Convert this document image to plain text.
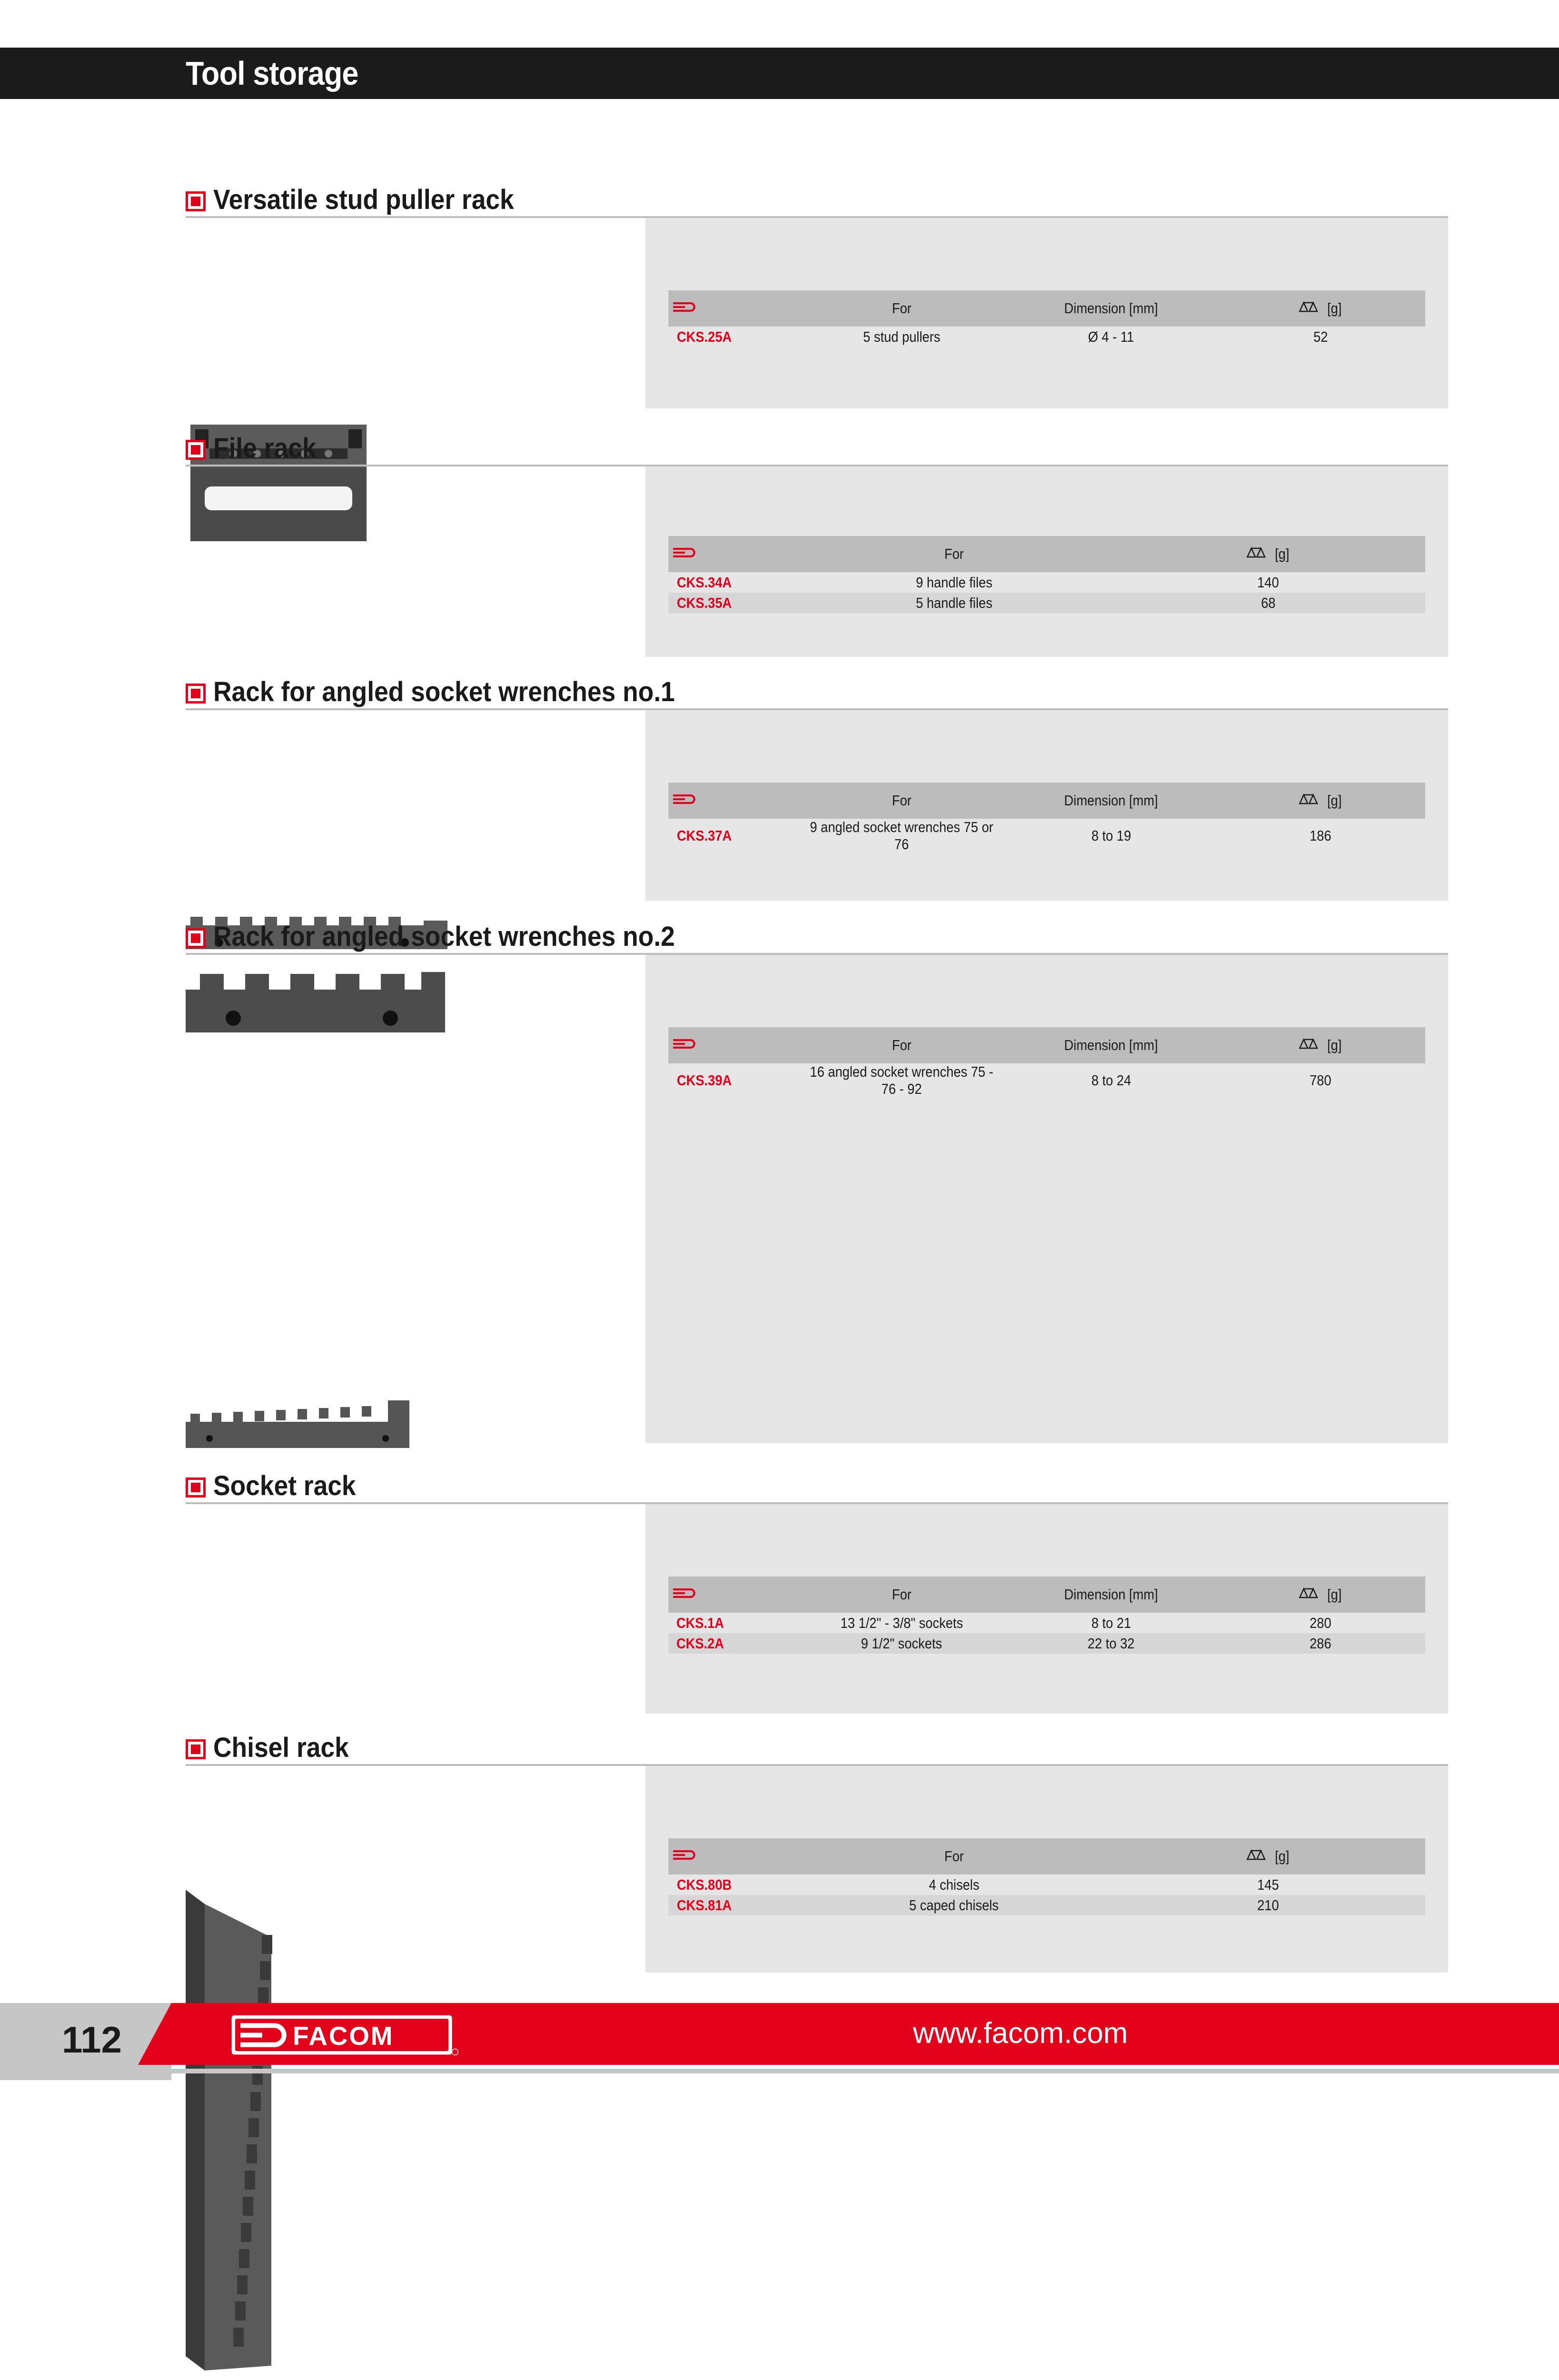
Tool storage
Versatile stud puller rack
	For	Dimension [mm]	[g]
CKS.25A	5 stud pullers	Ø 4 - 11	52
File rack
	For	[g]
CKS.34A	9 handle files	140
CKS.35A	5 handle files	68
Rack for angled socket wrenches no.1
	For	Dimension [mm]	[g]
CKS.37A	9 angled socket wrenches 75 or 76	8 to 19	186
Rack for angled socket wrenches no.2
	For	Dimension [mm]	[g]
CKS.39A	16 angled socket wrenches 75 - 76 - 92	8 to 24	780
Socket rack
	For	Dimension [mm]	[g]
CKS.1A	13 1/2" - 3/8" sockets	8 to 21	280
CKS.2A	9 1/2" sockets	22 to 32	286
Chisel rack
	For	[g]
CKS.80B	4 chisels	145
CKS.81A	5 caped chisels	210
112	FACOM	www.facom.com
